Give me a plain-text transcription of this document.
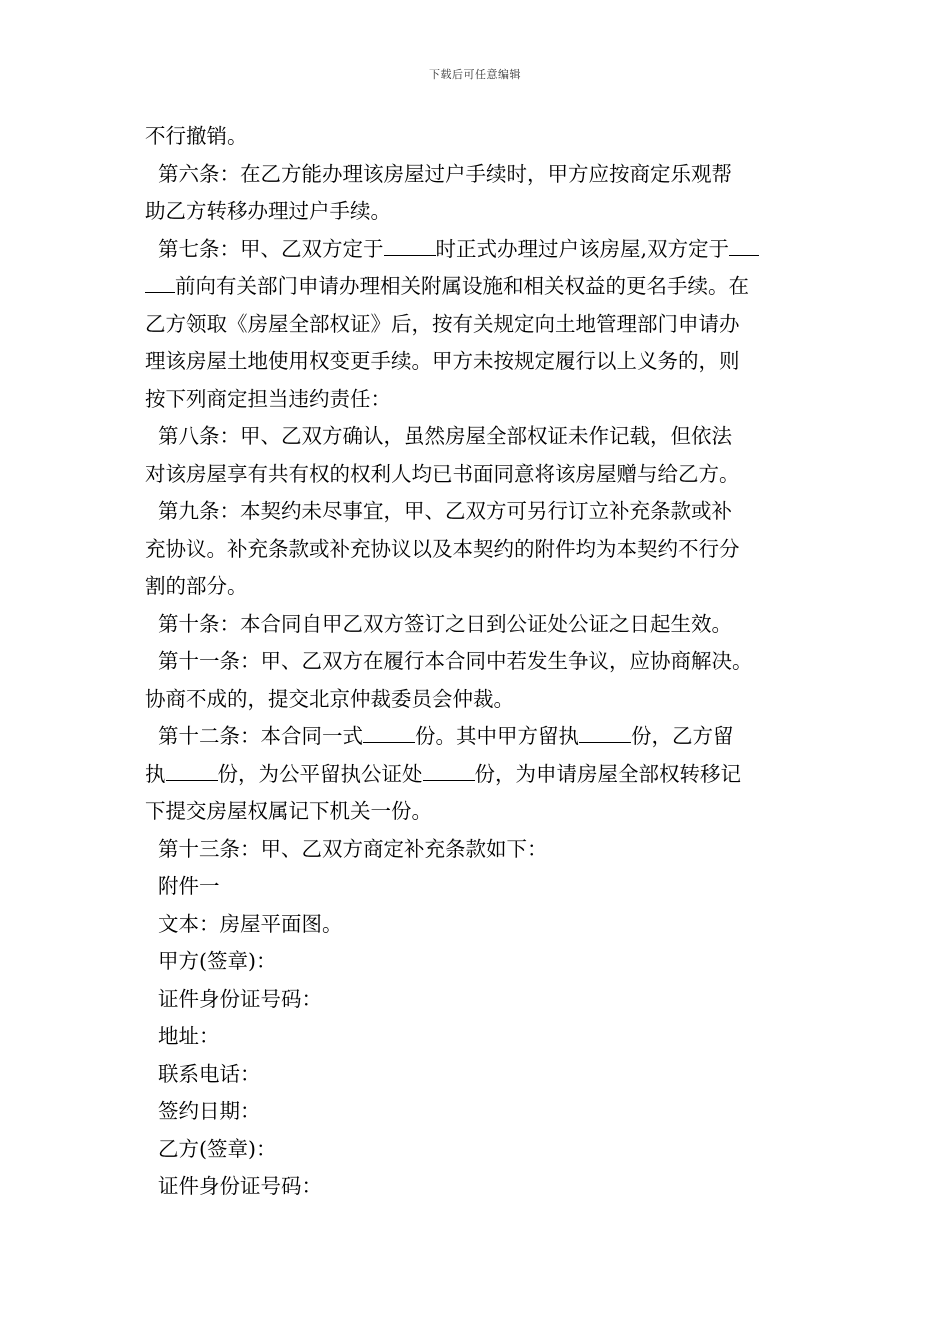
下载后可任意编辑
不行撤销。
第六条：在乙方能办理该房屋过户手续时，甲方应按商定乐观帮
助乙方转移办理过户手续。
第七条：甲、乙双方定于	时正式办理过户该房屋,双方定于
前向有关部门申请办理相关附属设施和相关权益的更名手续。在
乙方领取《房屋全部权证》后，按有关规定向土地管理部门申请办
理该房屋土地使用权变更手续。甲方未按规定履行以上义务的，则
按下列商定担当违约责任：
第八条：甲、乙双方确认，虽然房屋全部权证未作记载，但依法
对该房屋享有共有权的权利人均已书面同意将该房屋赠与给乙方。
第九条：本契约未尽事宜，甲、乙双方可另行订立补充条款或补
充协议。补充条款或补充协议以及本契约的附件均为本契约不行分
割的部分。
第十条：本合同自甲乙双方签订之日到公证处公证之日起生效。
第十一条：甲、乙双方在履行本合同中若发生争议，应协商解决。
协商不成的，提交北京仲裁委员会仲裁。
第十二条：本合同一式	份。其中甲方留执	份，乙方留
执	份，为公平留执公证处	份，为申请房屋全部权转移记
下提交房屋权属记下机关一份。
第十三条：甲、乙双方商定补充条款如下：
附件一
文本：房屋平面图。
甲方(签章)：
证件身份证号码：
地址：
联系电话：
签约日期：
乙方(签章)：
证件身份证号码：
